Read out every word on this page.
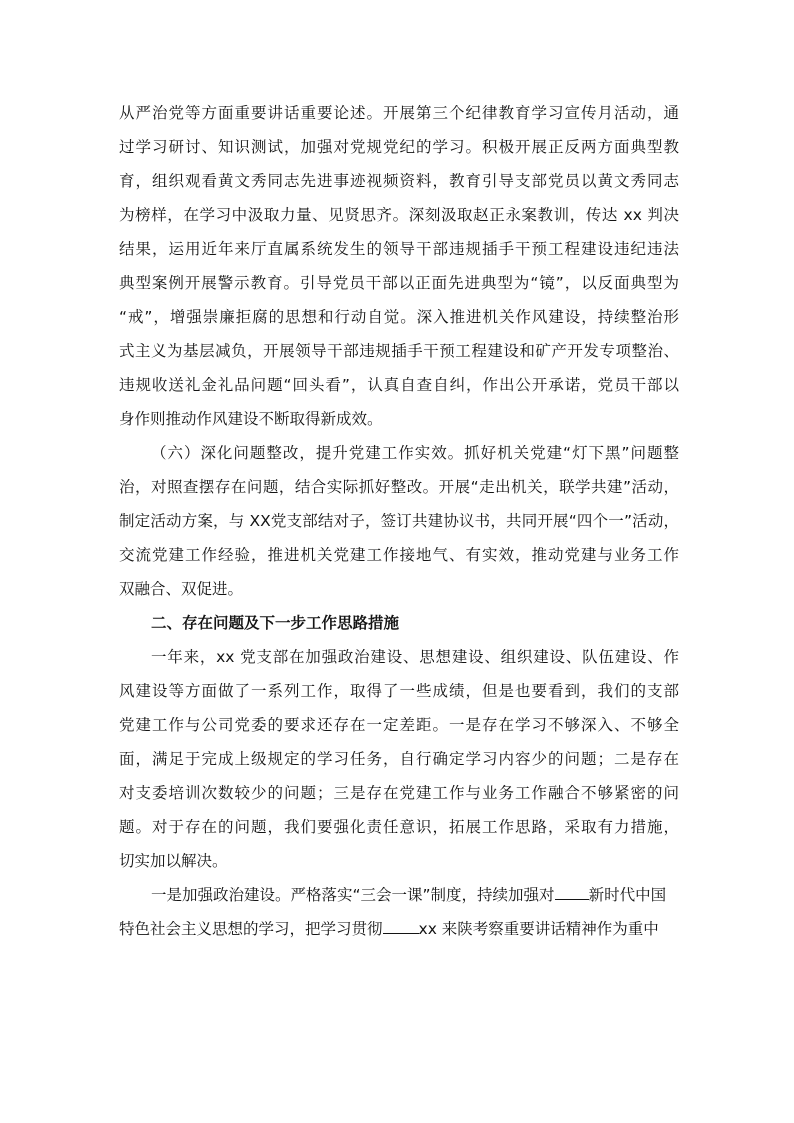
从严治党等方面重要讲话重要论述。开展第三个纪律教育学习宣传月活动，通
过学习研讨、知识测试，加强对党规党纪的学习。积极开展正反两方面典型教
育，组织观看黄文秀同志先进事迹视频资料，教育引导支部党员以黄文秀同志
为榜样，在学习中汲取力量、见贤思齐。深刻汲取赵正永案教训，传达 xx 判决
结果，运用近年来厅直属系统发生的领导干部违规插手干预工程建设违纪违法
典型案例开展警示教育。引导党员干部以正面先进典型为“镜”，以反面典型为
“戒”，增强崇廉拒腐的思想和行动自觉。深入推进机关作风建设，持续整治形
式主义为基层减负，开展领导干部违规插手干预工程建设和矿产开发专项整治、
违规收送礼金礼品问题“回头看”，认真自查自纠，作出公开承诺，党员干部以
身作则推动作风建设不断取得新成效。
（六）深化问题整改，提升党建工作实效。抓好机关党建“灯下黑”问题整
治，对照查摆存在问题，结合实际抓好整改。开展“走出机关，联学共建”活动，
制定活动方案，与 XX党支部结对子，签订共建协议书，共同开展“四个一”活动，
交流党建工作经验，推进机关党建工作接地气、有实效，推动党建与业务工作
双融合、双促进。
二、存在问题及下一步工作思路措施
一年来，xx 党支部在加强政治建设、思想建设、组织建设、队伍建设、作
风建设等方面做了一系列工作，取得了一些成绩，但是也要看到，我们的支部
党建工作与公司党委的要求还存在一定差距。一是存在学习不够深入、不够全
面，满足于完成上级规定的学习任务，自行确定学习内容少的问题；二是存在
对支委培训次数较少的问题；三是存在党建工作与业务工作融合不够紧密的问
题。对于存在的问题，我们要强化责任意识，拓展工作思路，采取有力措施，
切实加以解决。
一是加强政治建设。严格落实“三会一课”制度，持续加强对 新时代中国
特色社会主义思想的学习，把学习贯彻 xx 来陕考察重要讲话精神作为重中
